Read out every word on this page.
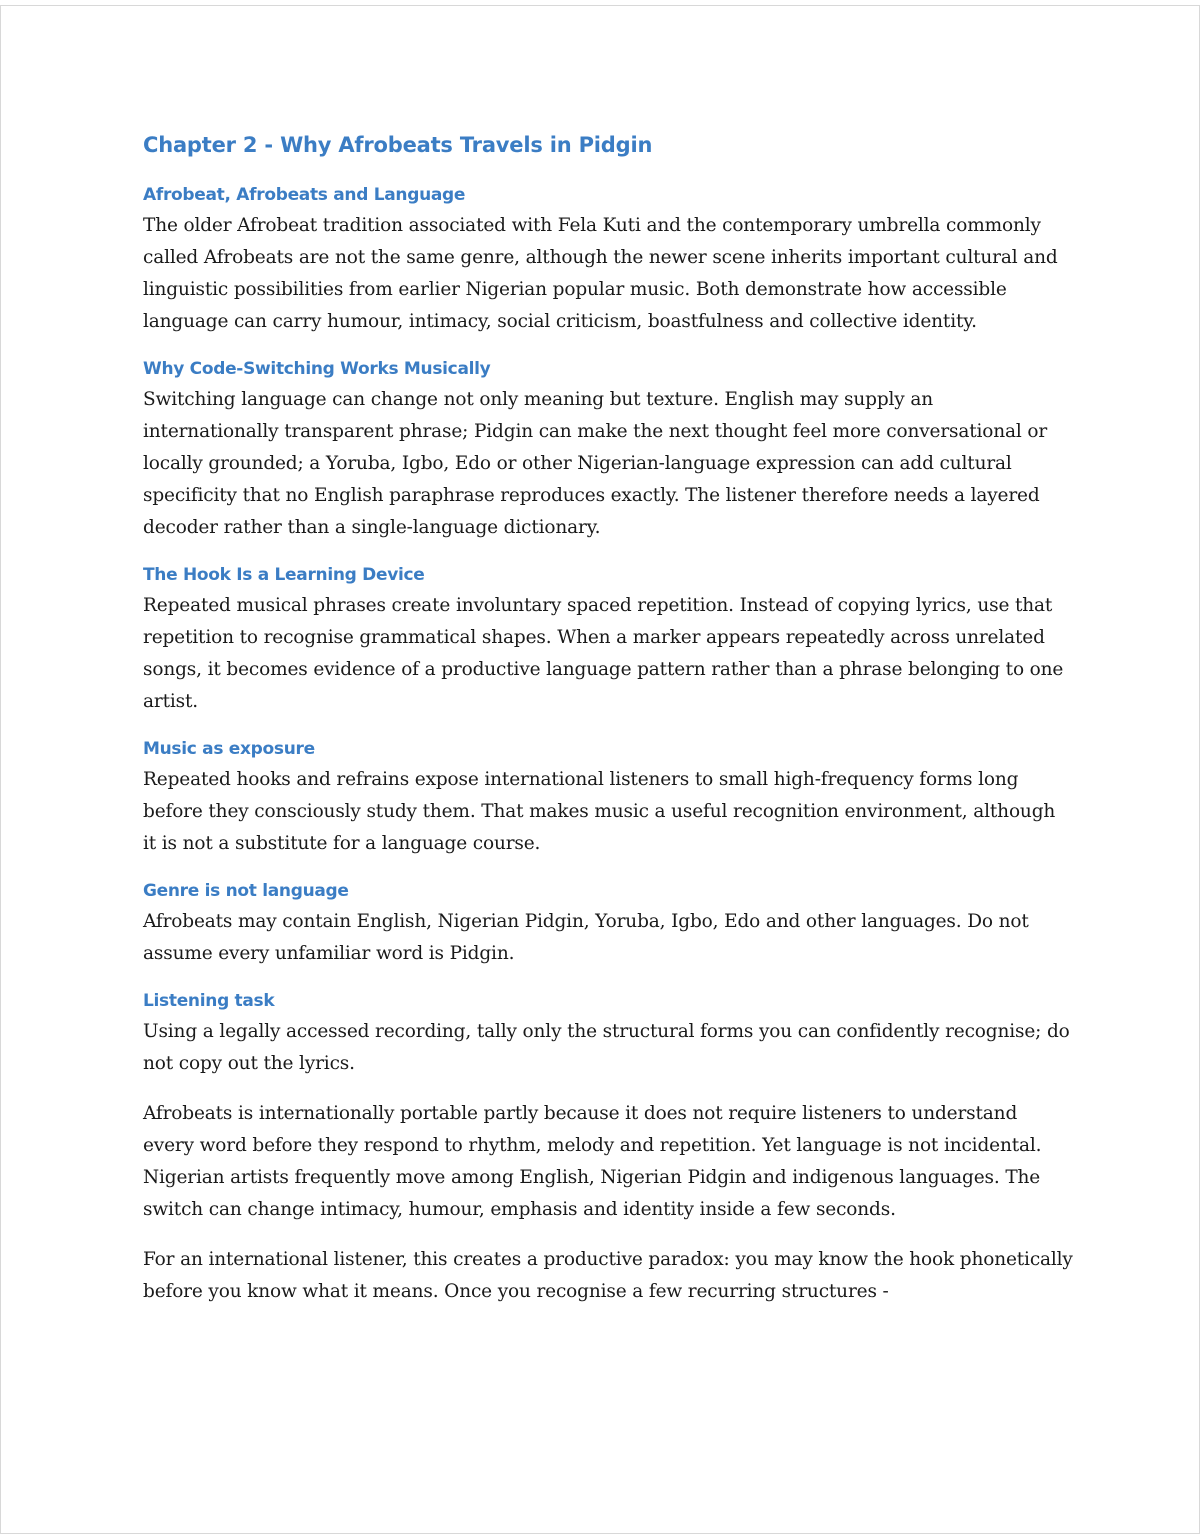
Chapter 2 - Why Afrobeats Travels in Pidgin
Afrobeat, Afrobeats and Language

The older Afrobeat tradition associated with Fela Kuti and the contemporary umbrella commonly called Afrobeats are not the same genre, although the newer scene inherits important cultural and linguistic possibilities from earlier Nigerian popular music. Both demonstrate how accessible language can carry humour, intimacy, social criticism, boastfulness and collective identity.

Why Code-Switching Works Musically

Switching language can change not only meaning but texture. English may supply an internationally transparent phrase; Pidgin can make the next thought feel more conversational or locally grounded; a Yoruba, Igbo, Edo or other Nigerian-language expression can add cultural specificity that no English paraphrase reproduces exactly. The listener therefore needs a layered decoder rather than a single-language dictionary.

The Hook Is a Learning Device

Repeated musical phrases create involuntary spaced repetition. Instead of copying lyrics, use that repetition to recognise grammatical shapes. When a marker appears repeatedly across unrelated songs, it becomes evidence of a productive language pattern rather than a phrase belonging to one artist.

Music as exposure

Repeated hooks and refrains expose international listeners to small high-frequency forms long before they consciously study them. That makes music a useful recognition environment, although it is not a substitute for a language course.

Genre is not language

Afrobeats may contain English, Nigerian Pidgin, Yoruba, Igbo, Edo and other languages. Do not assume every unfamiliar word is Pidgin.

Listening task

Using a legally accessed recording, tally only the structural forms you can confidently recognise; do not copy out the lyrics.

Afrobeats is internationally portable partly because it does not require listeners to understand every word before they respond to rhythm, melody and repetition. Yet language is not incidental. Nigerian artists frequently move among English, Nigerian Pidgin and indigenous languages. The switch can change intimacy, humour, emphasis and identity inside a few seconds.

For an international listener, this creates a productive paradox: you may know the hook phonetically before you know what it means. Once you recognise a few recurring structures -
